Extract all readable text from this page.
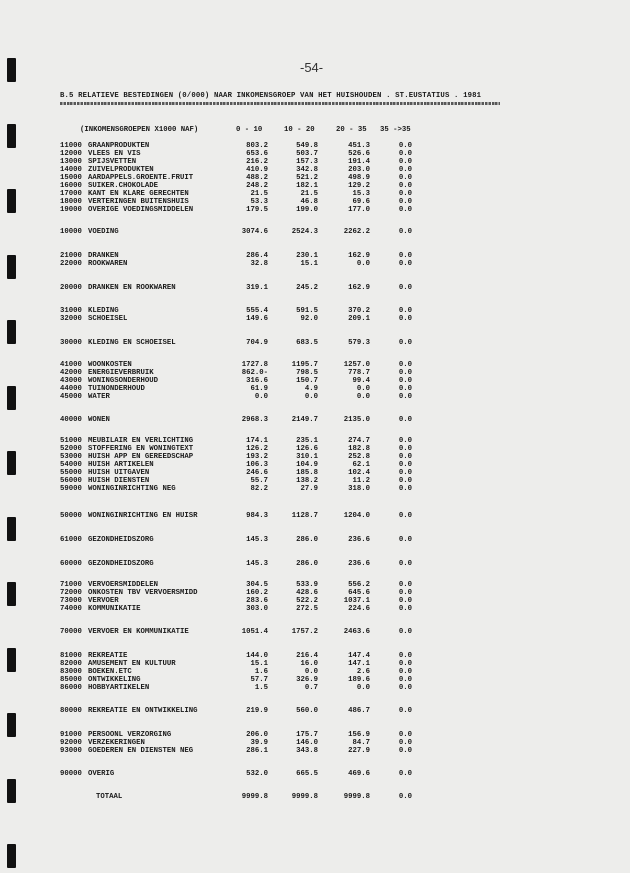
-54-
B.5 RELATIEVE BESTEDINGEN (0/000) NAAR INKOMENSGROEP VAN HET HUISHOUDEN . ST.EUSTATIUS . 1981
(INKOMENSGROEPEN X1000 NAF)	0 - 10	10 - 20	20 - 35 35 ->35
11000 GRAANPRODUKTEN	803.2	549.8	451.3	0.0
12000 VLEES EN VIS	653.6	503.7	526.6	0.0
13000 SPIJSVETTEN	216.2	157.3	191.4	0.0
14000 ZUIVELPRODUKTEN	410.9	342.8	203.0	0.0
15000 AARDAPPELS.GROENTE.FRUIT	488.2	521.2	498.9	0.0
16000 SUIKER.CHOKOLADE	248.2	182.1	129.2	0.0
17000 KANT EN KLARE GERECHTEN	21.5	21.5	15.3	0.0
18000 VERTERINGEN BUITENSHUIS	53.3	46.8	69.6	0.0
19000 OVERIGE VOEDINGSMIDDELEN	179.5	199.0	177.0	0.0
10000 VOEDING	3074.6	2524.3	2262.2	0.0
21000 DRANKEN	286.4	230.1	162.9	0.0
22000 ROOKWAREN	32.8	15.1	0.0	0.0
20000 DRANKEN EN ROOKWAREN	319.1	245.2	162.9	0.0
31000 KLEDING	555.4	591.5	370.2	0.0
32000 SCHOEISEL	149.6	92.0	209.1	0.0
30000 KLEDING EN SCHOEISEL	704.9	683.5	579.3	0.0
41000 WOONKOSTEN	1727.8	1195.7	1257.0	0.0
42000 ENERGIEVERBRUIK	862.0-	798.5	778.7	0.0
43000 WONINGSONDERHOUD	316.6	150.7	99.4	0.0
44000 TUINONDERHOUD	61.9	4.9	0.0	0.0
45000 WATER	0.0	0.0	0.0	0.0
40000 WONEN	2968.3	2149.7	2135.0	0.0
51000 MEUBILAIR EN VERLICHTING	174.1	235.1	274.7	0.0
52000 STOFFERING EN WONINGTEXT	126.2	126.6	182.8	0.0
53000 HUISH APP EN GEREEDSCHAP	193.2	310.1	252.8	0.0
54000 HUISH ARTIKELEN	106.3	104.9	62.1	0.0
55000 HUISH UITGAVEN	246.6	185.8	102.4	0.0
56000 HUISH DIENSTEN	55.7	138.2	11.2	0.0
59000 WONINGINRICHTING NEG	82.2	27.9	318.0	0.0
50000 WONINGINRICHTING EN HUISR	984.3	1128.7	1204.0	0.0
61000 GEZONDHEIDSZORG	145.3	286.0	236.6	0.0
60000 GEZONDHEIDSZORG	145.3	286.0	236.6	0.0
71000 VERVOERSMIDDELEN	304.5	533.9	556.2	0.0
72000 ONKOSTEN TBV VERVOERSMIDD	160.2	428.6	645.6	0.0
73000 VERVOER	283.6	522.2	1037.1	0.0
74000 KOMMUNIKATIE	303.0	272.5	224.6	0.0
70000 VERVOER EN KOMMUNIKATIE	1051.4	1757.2	2463.6	0.0
81000 REKREATIE	144.0	216.4	147.4	0.0
82000 AMUSEMENT EN KULTUUR	15.1	16.0	147.1	0.0
83000 BOEKEN.ETC	1.6	0.0	2.6	0.0
85000 ONTWIKKELING	57.7	326.9	189.6	0.0
86000 HOBBYARTIKELEN	1.5	0.7	0.0	0.0
80000 REKREATIE EN ONTWIKKELING	219.9	560.0	486.7	0.0
91000 PERSOONL VERZORGING	206.0	175.7	156.9	0.0
92000 VERZEKERINGEN	39.9	146.0	84.7	0.0
93000 GOEDEREN EN DIENSTEN NEG	286.1	343.8	227.9	0.0
90000 OVERIG	532.0	665.5	469.6	0.0
TOTAAL	9999.8	9999.8	9999.8	0.0
